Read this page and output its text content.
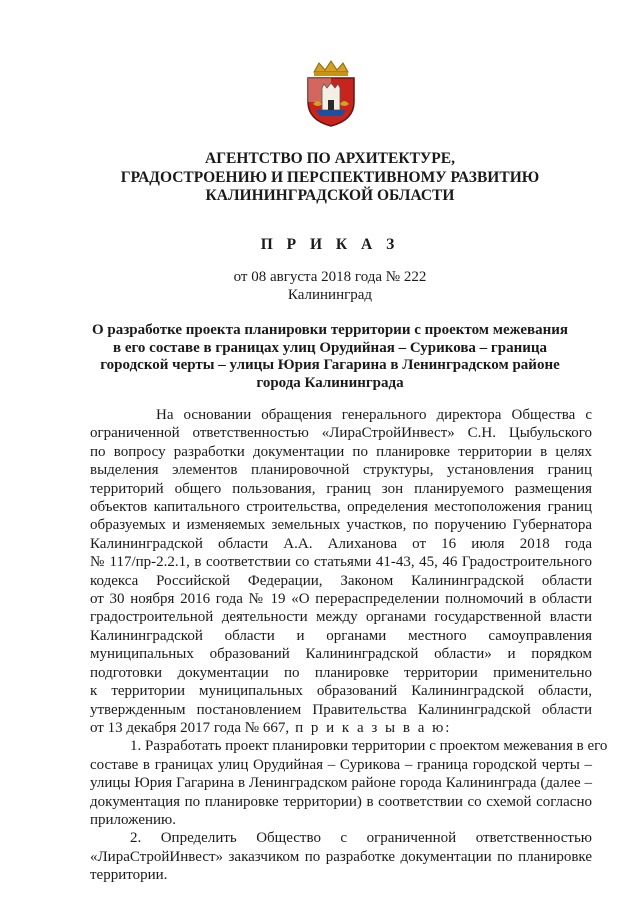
АГЕНТСТВО ПО АРХИТЕКТУРЕ,
ГРАДОСТРОЕНИЮ И ПЕРСПЕКТИВНОМУ РАЗВИТИЮ
КАЛИНИНГРАДСКОЙ ОБЛАСТИ
П Р И К А З
от 08 августа 2018 года № 222
Калининград
О разработке проекта планировки территории с проектом межевания
в его составе в границах улиц Орудийная – Сурикова – граница
городской черты – улицы Юрия Гагарина в Ленинградском районе
города Калининграда
На основании обращения генерального директора Общества с
ограниченной ответственностью «ЛираСтройИнвест» С.Н. Цыбульского
по вопросу разработки документации по планировке территории в целях
выделения элементов планировочной структуры, установления границ
территорий общего пользования, границ зон планируемого размещения
объектов капитального строительства, определения местоположения границ
образуемых и изменяемых земельных участков, по поручению Губернатора
Калининградской области А.А. Алиханова от 16 июля 2018 года
№ 117/пр-2.2.1, в соответствии со статьями 41-43, 45, 46 Градостроительного
кодекса Российской Федерации, Законом Калининградской области
от 30 ноября 2016 года № 19 «О перераспределении полномочий в области
градостроительной деятельности между органами государственной власти
Калининградской области и органами местного самоуправления
муниципальных образований Калининградской области» и порядком
подготовки документации по планировке территории применительно
к территории муниципальных образований Калининградской области,
утвержденным постановлением Правительства Калининградской области
от 13 декабря 2017 года № 667, п р и к а з ы в а ю:
1. Разработать проект планировки территории с проектом межевания в его
составе в границах улиц Орудийная – Сурикова – граница городской черты –
улицы Юрия Гагарина в Ленинградском районе города Калининграда (далее –
документация по планировке территории) в соответствии со схемой согласно
приложению.
2. Определить Общество с ограниченной ответственностью
«ЛираСтройИнвест» заказчиком по разработке документации по планировке
территории.
